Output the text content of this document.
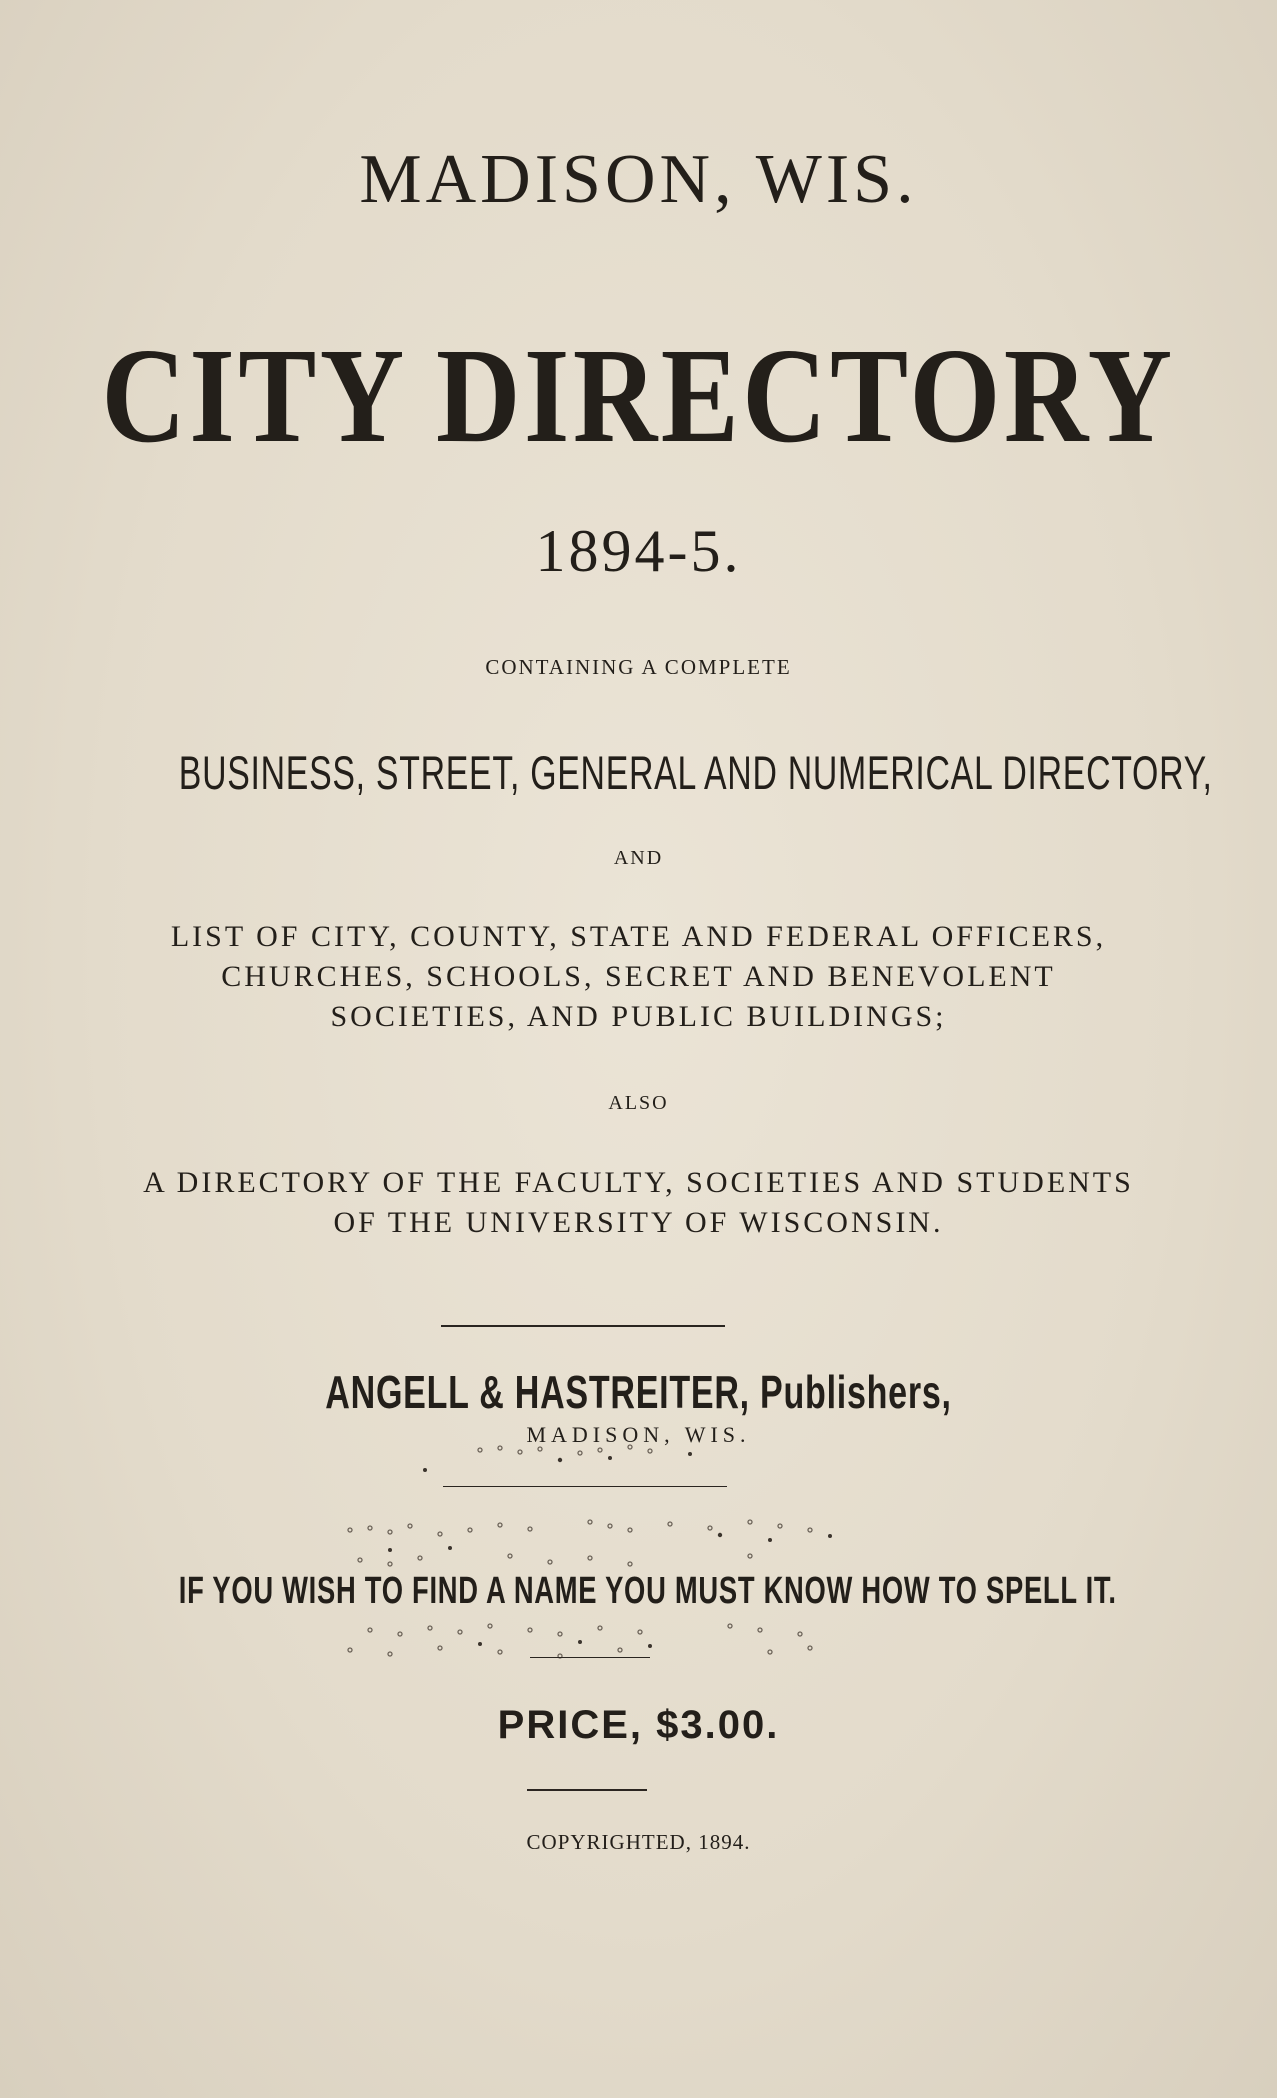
MADISON, WIS.

CITY DIRECTORY

1894-5.

CONTAINING A COMPLETE

BUSINESS, STREET, GENERAL AND NUMERICAL DIRECTORY,

AND

LIST OF CITY, COUNTY, STATE AND FEDERAL OFFICERS,

CHURCHES, SCHOOLS, SECRET AND BENEVOLENT

SOCIETIES, AND PUBLIC BUILDINGS;

ALSO

A DIRECTORY OF THE FACULTY, SOCIETIES AND STUDENTS

OF THE UNIVERSITY OF WISCONSIN.

ANGELL & HASTREITER, Publishers,

MADISON, WIS.

IF YOU WISH TO FIND A NAME YOU MUST KNOW HOW TO SPELL IT.

PRICE, $3.00.

COPYRIGHTED, 1894.
